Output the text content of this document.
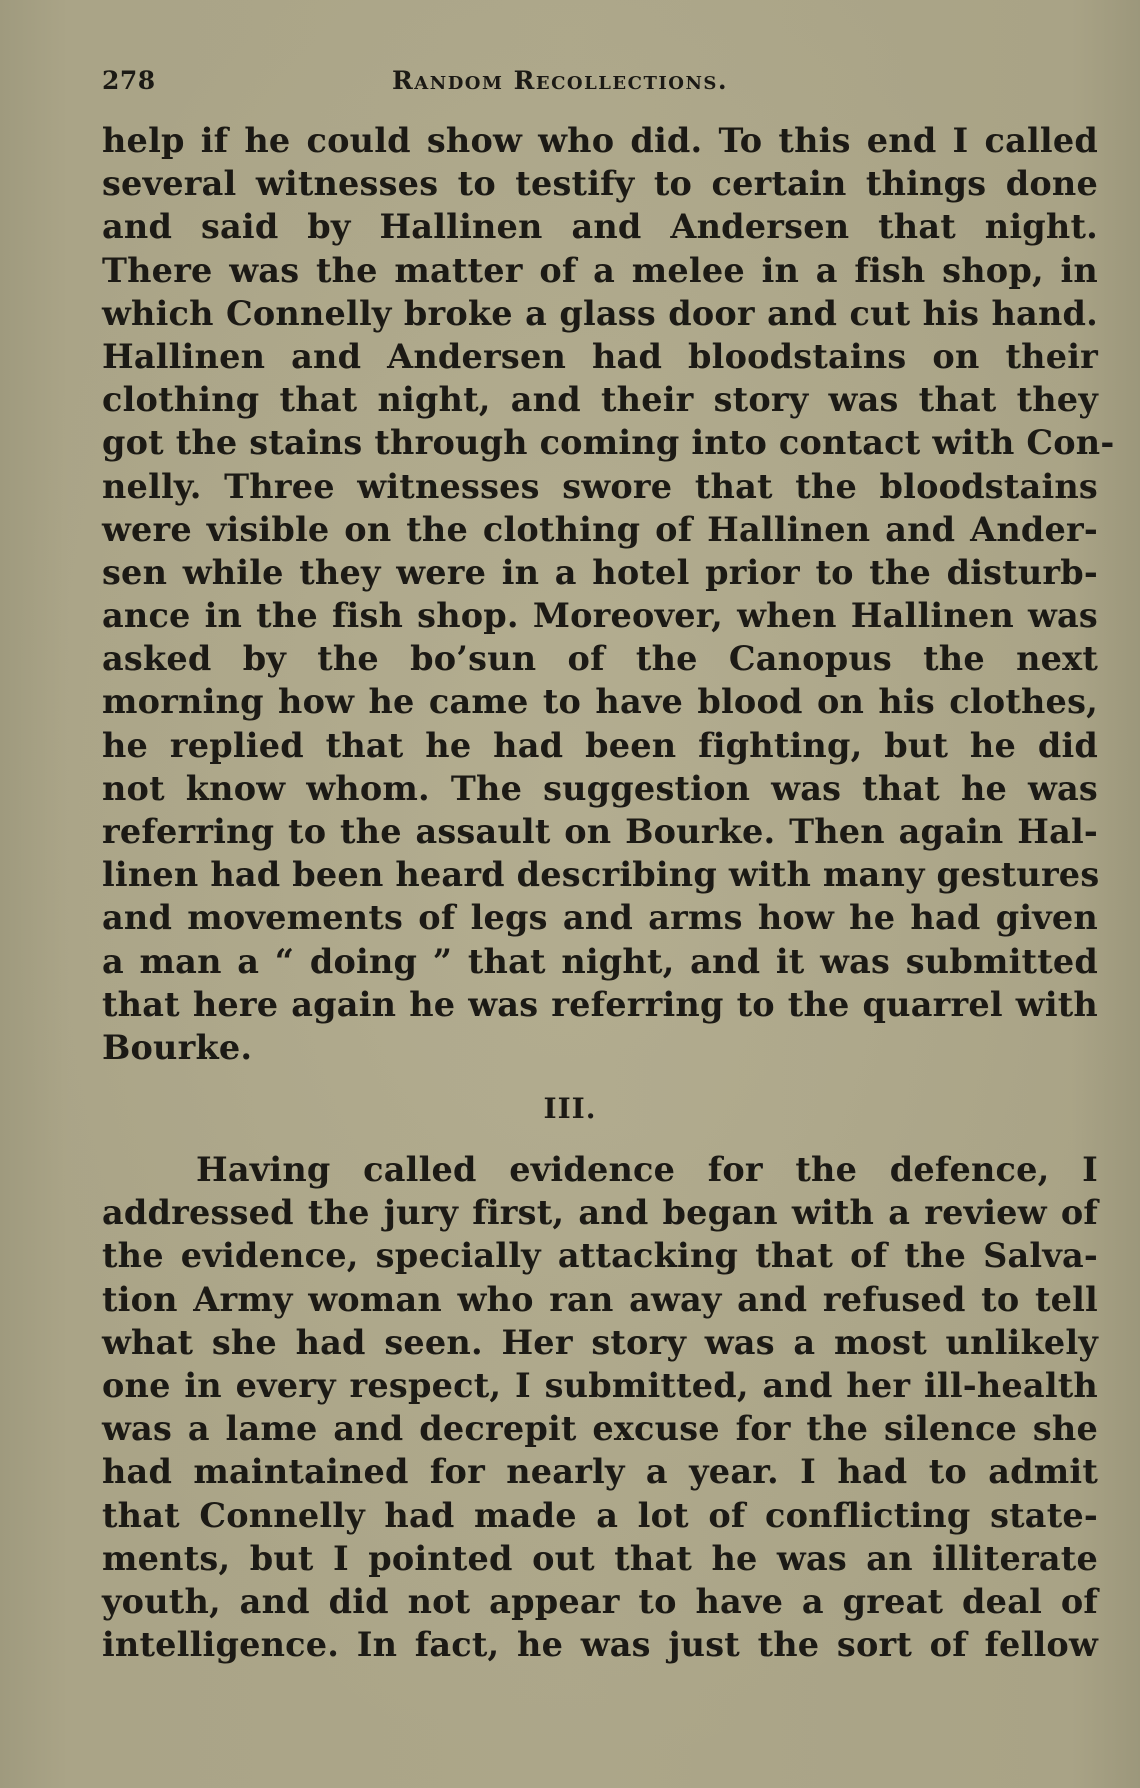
278	Random Recollections.
help if he could show who did. To this end I called
several witnesses to testify to certain things done
and said by Hallinen and Andersen that night.
There was the matter of a melee in a fish shop, in
which Connelly broke a glass door and cut his hand.
Hallinen and Andersen had bloodstains on their
clothing that night, and their story was that they
got the stains through coming into contact with Con-
nelly. Three witnesses swore that the bloodstains
were visible on the clothing of Hallinen and Ander-
sen while they were in a hotel prior to the disturb-
ance in the fish shop. Moreover, when Hallinen was
asked by the bo’sun of the Canopus the next
morning how he came to have blood on his clothes,
he replied that he had been fighting, but he did
not know whom. The suggestion was that he was
referring to the assault on Bourke. Then again Hal-
linen had been heard describing with many gestures
and movements of legs and arms how he had given
a man a “ doing ” that night, and it was submitted
that here again he was referring to the quarrel with
Bourke.
III.
Having called evidence for the defence, I
addressed the jury first, and began with a review of
the evidence, specially attacking that of the Salva-
tion Army woman who ran away and refused to tell
what she had seen. Her story was a most unlikely
one in every respect, I submitted, and her ill-health
was a lame and decrepit excuse for the silence she
had maintained for nearly a year. I had to admit
that Connelly had made a lot of conflicting state-
ments, but I pointed out that he was an illiterate
youth, and did not appear to have a great deal of
intelligence. In fact, he was just the sort of fellow
